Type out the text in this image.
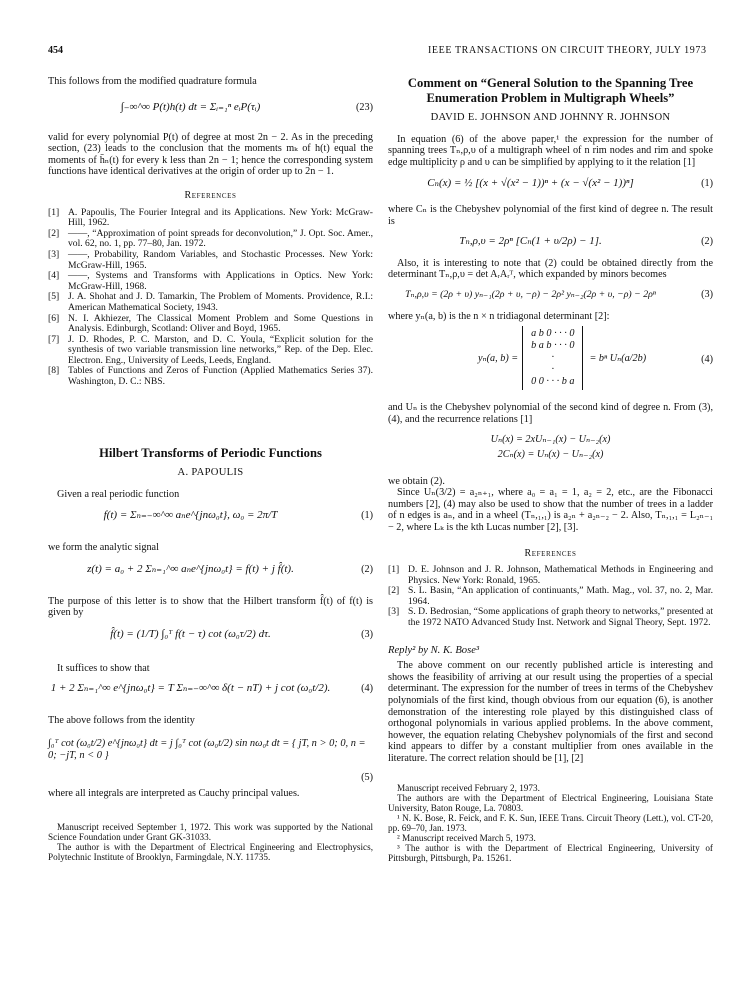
454	IEEE TRANSACTIONS ON CIRCUIT THEORY, JULY 1973

This follows from the modified quadrature formula

∫₋∞^∞ P(t)h(t) dt = Σᵢ₌₁ⁿ eᵢP(τᵢ)	(23)

valid for every polynomial P(t) of degree at most 2n − 2. As in the preceding section, (23) leads to the conclusion that the moments mₖ of h(t) equal the moments of h̄ₙ(t) for every k less than 2n − 1; hence the corresponding system functions have identical derivatives at the origin of order up to 2n − 1.

References
[1] A. Papoulis, The Fourier Integral and its Applications. New York: McGraw-Hill, 1962.
[2] ——, “Approximation of point spreads for deconvolution,” J. Opt. Soc. Amer., vol. 62, no. 1, pp. 77–80, Jan. 1972.
[3] ——, Probability, Random Variables, and Stochastic Processes. New York: McGraw-Hill, 1965.
[4] ——, Systems and Transforms with Applications in Optics. New York: McGraw-Hill, 1968.
[5] J. A. Shohat and J. D. Tamarkin, The Problem of Moments. Providence, R.I.: American Mathematical Society, 1943.
[6] N. I. Akhiezer, The Classical Moment Problem and Some Questions in Analysis. Edinburgh, Scotland: Oliver and Boyd, 1965.
[7] J. D. Rhodes, P. C. Marston, and D. C. Youla, “Explicit solution for the synthesis of two variable transmission line networks,” Rep. of the Dep. Elec. Electron. Eng., University of Leeds, Leeds, England.
[8] Tables of Functions and Zeros of Function (Applied Mathematics Series 37). Washington, D. C.: NBS.
Hilbert Transforms of Periodic Functions
A. PAPOULIS

Given a real periodic function

f(t) = Σₙ₌₋∞^∞ aₙe^{jnω₀t}, ω₀ = 2π/T	(1)

we form the analytic signal

z(t) = a₀ + 2 Σₙ₌₁^∞ aₙe^{jnω₀t} = f(t) + j f̂(t).	(2)

The purpose of this letter is to show that the Hilbert transform f̂(t) of f(t) is given by

f̂(t) = (1/T) ∫₀ᵀ f(t − τ) cot (ω₀τ/2) dτ.	(3)

It suffices to show that

1 + 2 Σₙ₌₁^∞ e^{jnω₀t} = T Σₙ₌₋∞^∞ δ(t − nT) + j cot (ω₀t/2).	(4)

The above follows from the identity

∫₀ᵀ cot (ω₀t/2) e^{jnω₀t} dt = j ∫₀ᵀ cot (ω₀t/2) sin nω₀t dt = { jT, n > 0; 0, n = 0; −jT, n < 0 }
(5)

where all integrals are interpreted as Cauchy principal values.

Manuscript received September 1, 1972. This work was supported by the National Science Foundation under Grant GK-31033.

The author is with the Department of Electrical Engineering and Electrophysics, Polytechnic Institute of Brooklyn, Farmingdale, N.Y. 11735.

Comment on “General Solution to the Spanning Tree Enumeration Problem in Multigraph Wheels”
DAVID E. JOHNSON AND JOHNNY R. JOHNSON

In equation (6) of the above paper,¹ the expression for the number of spanning trees Tₙ,ρ,υ of a multigraph wheel of n rim nodes and rim and spoke edge multiplicity ρ and υ can be simplified by applying to it the relation [1]

Cₙ(x) = ½ [(x + √(x² − 1))ⁿ + (x − √(x² − 1))ⁿ]	(1)

where Cₙ is the Chebyshev polynomial of the first kind of degree n. The result is

Tₙ,ρ,υ = 2ρⁿ [Cₙ(1 + υ/2ρ) − 1].	(2)

Also, it is interesting to note that (2) could be obtained directly from the determinant Tₙ,ρ,υ = det AᵣAᵣᵀ, which expanded by minors becomes

Tₙ,ρ,υ = (2ρ + υ) yₙ₋₁(2ρ + υ, −ρ) − 2ρ² yₙ₋₂(2ρ + υ, −ρ) − 2ρⁿ	(3)

where yₙ(a, b) is the n × n tridiagonal determinant [2]:

yₙ(a, b) =
a b 0 · · · 0
b a b · · · 0
·
·
0 0 · · · b a
= bⁿ Uₙ(a/2b)	(4)

and Uₙ is the Chebyshev polynomial of the second kind of degree n. From (3), (4), and the recurrence relations [1]

Uₙ(x) = 2xUₙ₋₁(x) − Uₙ₋₂(x)
2Cₙ(x) = Uₙ(x) − Uₙ₋₂(x)

we obtain (2).

Since Uₙ(3/2) = a₂ₙ₊₁, where a₀ = a₁ = 1, a₂ = 2, etc., are the Fibonacci numbers [2], (4) may also be used to show that the number of trees in a ladder of n edges is aₙ, and in a wheel (Tₙ,₁,₁) is a₂ₙ + a₂ₙ₋₂ − 2. Also, Tₙ,₁,₁ = L₂ₙ₋₁ − 2, where Lₖ is the kth Lucas number [2], [3].

References
[1] D. E. Johnson and J. R. Johnson, Mathematical Methods in Engineering and Physics. New York: Ronald, 1965.
[2] S. L. Basin, “An application of continuants,” Math. Mag., vol. 37, no. 2, Mar. 1964.
[3] S. D. Bedrosian, “Some applications of graph theory to networks,” presented at the 1972 NATO Advanced Study Inst. Network and Signal Theory, Sept. 1972.
Reply² by N. K. Bose³

The above comment on our recently published article is interesting and shows the feasibility of arriving at our result using the properties of a special determinant. The expression for the number of trees in terms of the Chebyshev polynomials of the first kind, though obvious from our equation (6), is another demonstration of the interesting role played by this distinguished class of orthogonal polynomials in various applied problems. In the above comment, however, the equation relating Chebyshev polynomials of the first and second kind appears to differ by a constant multiplier from ones available in the literature. The correct relation should be [1], [2]

Manuscript received February 2, 1973.

The authors are with the Department of Electrical Engineering, Louisiana State University, Baton Rouge, La. 70803.

¹ N. K. Bose, R. Feick, and F. K. Sun, IEEE Trans. Circuit Theory (Lett.), vol. CT-20, pp. 69–70, Jan. 1973.

² Manuscript received March 5, 1973.

³ The author is with the Department of Electrical Engineering, University of Pittsburgh, Pittsburgh, Pa. 15261.
